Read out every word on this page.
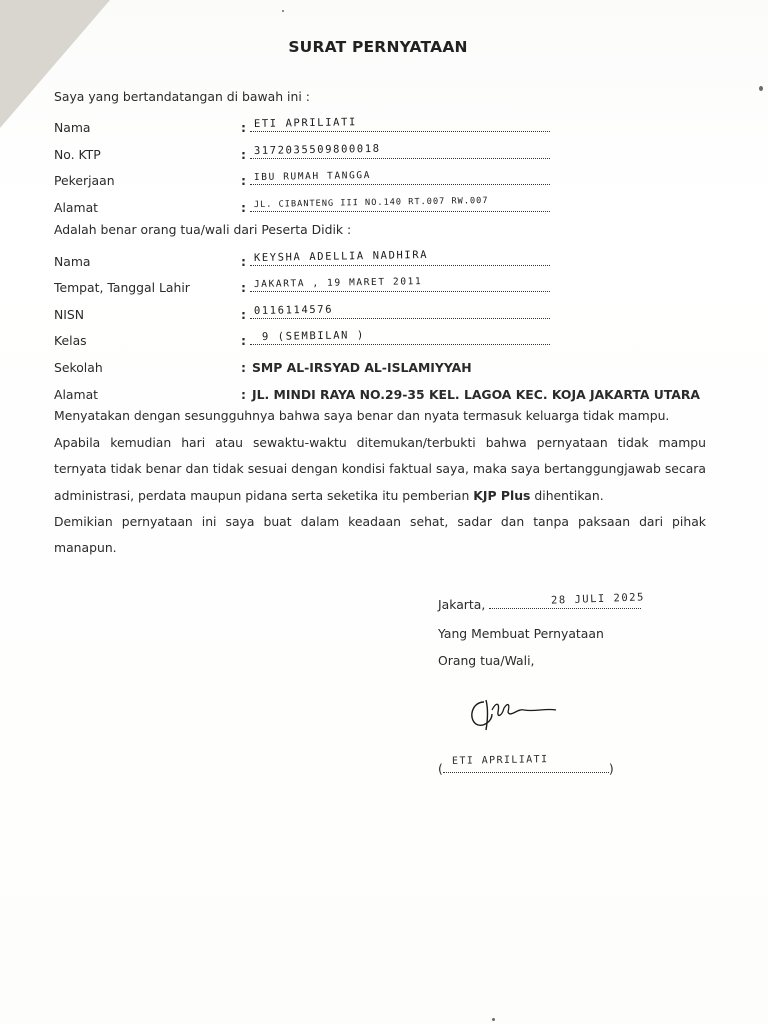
SURAT PERNYATAAN
Saya yang bertandatangan di bawah ini :
Nama	: ETI APRILIATI
No. KTP	: 3172035509800018
Pekerjaan	: IBU RUMAH TANGGA
Alamat	: JL. CIBANTENG III NO.140 RT.007 RW.007
Adalah benar orang tua/wali dari Peserta Didik :
Nama	: KEYSHA ADELLIA NADHIRA
Tempat, Tanggal Lahir	: JAKARTA , 19 MARET 2011
NISN	: 0116114576
Kelas	: 9 (SEMBILAN )
Sekolah	: SMP AL-IRSYAD AL-ISLAMIYYAH
Alamat	: JL. MINDI RAYA NO.29-35 KEL. LAGOA KEC. KOJA JAKARTA UTARA
Menyatakan dengan sesungguhnya bahwa saya benar dan nyata termasuk keluarga tidak mampu.
Apabila kemudian hari atau sewaktu-waktu ditemukan/terbukti bahwa pernyataan tidak mampu ternyata tidak benar dan tidak sesuai dengan kondisi faktual saya, maka saya bertanggungjawab secara administrasi, perdata maupun pidana serta seketika itu pemberian KJP Plus dihentikan.
Demikian pernyataan ini saya buat dalam keadaan sehat, sadar dan tanpa paksaan dari pihak manapun.
Jakarta,	28 JULI 2025
Yang Membuat Pernyataan
Orang tua/Wali,
(	)
ETI APRILIATI
